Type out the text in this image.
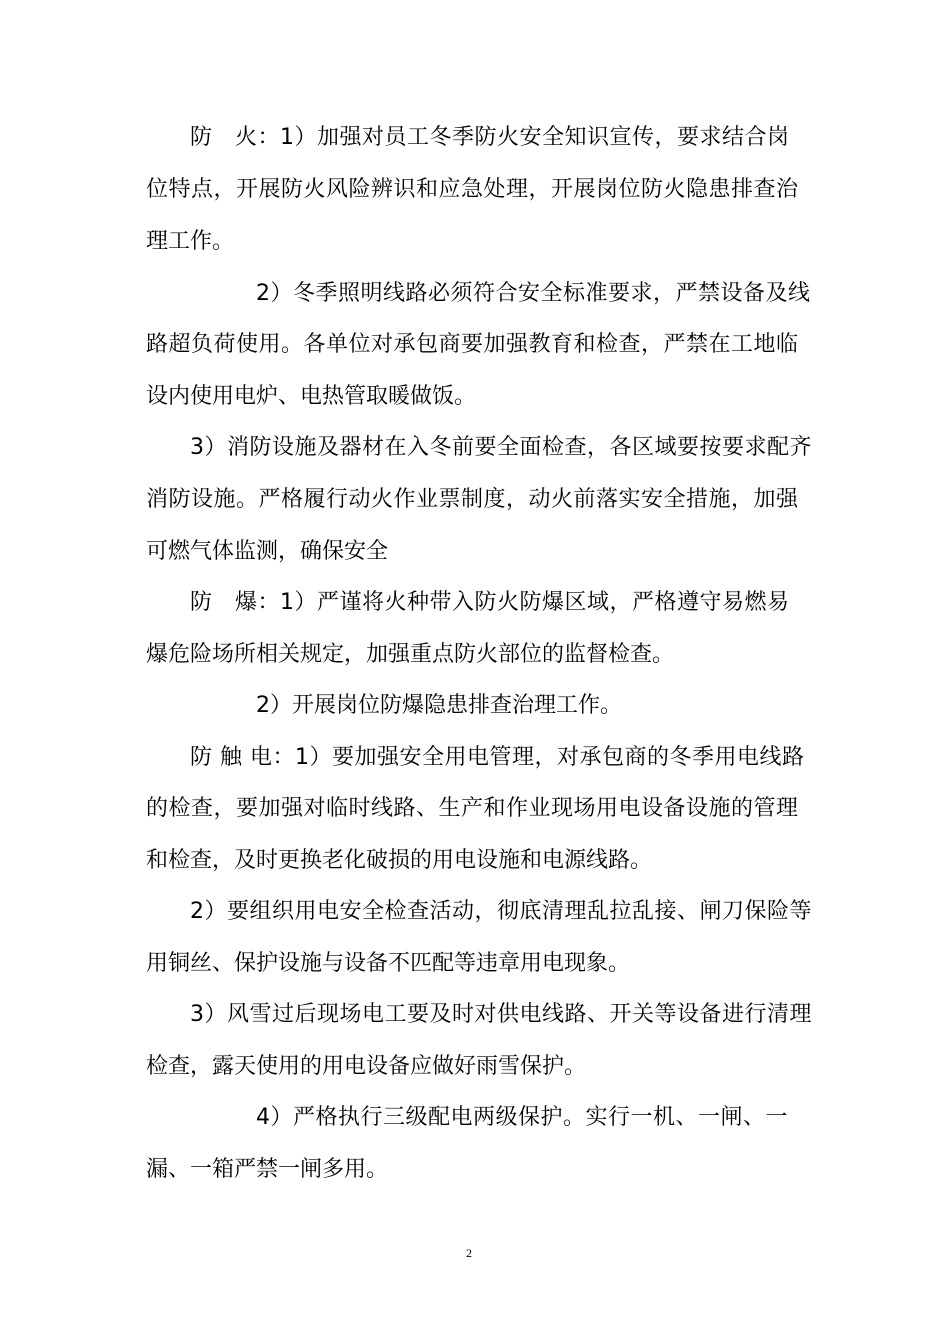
防　火：1）加强对员工冬季防火安全知识宣传，要求结合岗
位特点，开展防火风险辨识和应急处理，开展岗位防火隐患排查治
理工作。
2）冬季照明线路必须符合安全标准要求，严禁设备及线
路超负荷使用。各单位对承包商要加强教育和检查，严禁在工地临
设内使用电炉、电热管取暖做饭。
3）消防设施及器材在入冬前要全面检查，各区域要按要求配齐
消防设施。严格履行动火作业票制度，动火前落实安全措施，加强
可燃气体监测，确保安全
防　爆：1）严谨将火种带入防火防爆区域，严格遵守易燃易
爆危险场所相关规定，加强重点防火部位的监督检查。
2）开展岗位防爆隐患排查治理工作。
防 触 电：1）要加强安全用电管理，对承包商的冬季用电线路
的检查，要加强对临时线路、生产和作业现场用电设备设施的管理
和检查，及时更换老化破损的用电设施和电源线路。
2）要组织用电安全检查活动，彻底清理乱拉乱接、闸刀保险等
用铜丝、保护设施与设备不匹配等违章用电现象。
3）风雪过后现场电工要及时对供电线路、开关等设备进行清理
检查，露天使用的用电设备应做好雨雪保护。
4）严格执行三级配电两级保护。实行一机、一闸、一
漏、一箱严禁一闸多用。
2
